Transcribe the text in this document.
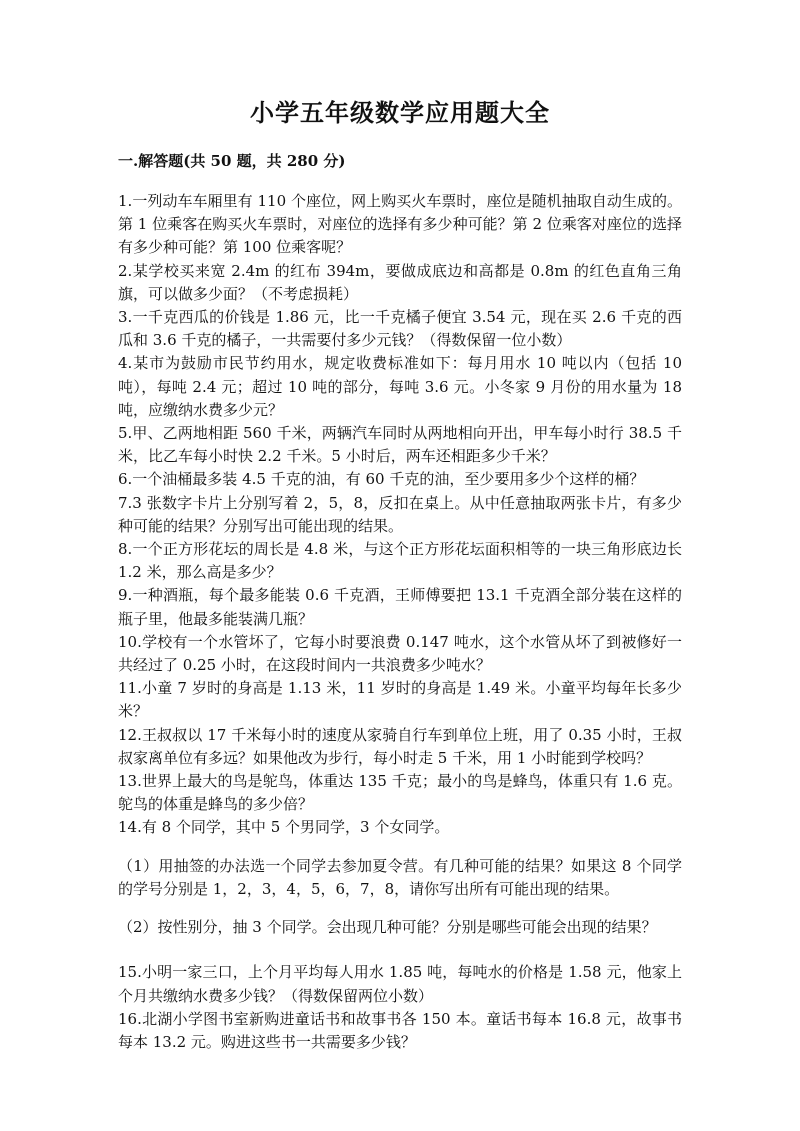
小学五年级数学应用题大全
一.解答题(共 50 题，共 280 分)

1.一列动车车厢里有 110 个座位，网上购买火车票时，座位是随机抽取自动生成的。第 1 位乘客在购买火车票时，对座位的选择有多少种可能？第 2 位乘客对座位的选择有多少种可能？第 100 位乘客呢？

2.某学校买来宽 2.4m 的红布 394m，要做成底边和高都是 0.8m 的红色直角三角旗，可以做多少面？（不考虑损耗）

3.一千克西瓜的价钱是 1.86 元，比一千克橘子便宜 3.54 元，现在买 2.6 千克的西瓜和 3.6 千克的橘子，一共需要付多少元钱？（得数保留一位小数）

4.某市为鼓励市民节约用水，规定收费标准如下：每月用水 10 吨以内（包括 10 吨），每吨 2.4 元；超过 10 吨的部分，每吨 3.6 元。小冬家 9 月份的用水量为 18 吨，应缴纳水费多少元？

5.甲、乙两地相距 560 千米，两辆汽车同时从两地相向开出，甲车每小时行 38.5 千米，比乙车每小时快 2.2 千米。5 小时后，两车还相距多少千米？

6.一个油桶最多装 4.5 千克的油，有 60 千克的油，至少要用多少个这样的桶？

7.3 张数字卡片上分别写着 2，5，8，反扣在桌上。从中任意抽取两张卡片，有多少种可能的结果？分别写出可能出现的结果。

8.一个正方形花坛的周长是 4.8 米，与这个正方形花坛面积相等的一块三角形底边长 1.2 米，那么高是多少？

9.一种酒瓶，每个最多能装 0.6 千克酒，王师傅要把 13.1 千克酒全部分装在这样的瓶子里，他最多能装满几瓶？

10.学校有一个水管坏了，它每小时要浪费 0.147 吨水，这个水管从坏了到被修好一共经过了 0.25 小时，在这段时间内一共浪费多少吨水？

11.小童 7 岁时的身高是 1.13 米，11 岁时的身高是 1.49 米。小童平均每年长多少米？

12.王叔叔以 17 千米每小时的速度从家骑自行车到单位上班，用了 0.35 小时，王叔叔家离单位有多远？如果他改为步行，每小时走 5 千米，用 1 小时能到学校吗？

13.世界上最大的鸟是鸵鸟，体重达 135 千克；最小的鸟是蜂鸟，体重只有 1.6 克。鸵鸟的体重是蜂鸟的多少倍？

14.有 8 个同学，其中 5 个男同学，3 个女同学。

（1）用抽签的办法选一个同学去参加夏令营。有几种可能的结果？如果这 8 个同学的学号分别是 1，2，3，4，5，6，7，8，请你写出所有可能出现的结果。

（2）按性别分，抽 3 个同学。会出现几种可能？分别是哪些可能会出现的结果？

15.小明一家三口，上个月平均每人用水 1.85 吨，每吨水的价格是 1.58 元，他家上个月共缴纳水费多少钱？（得数保留两位小数）

16.北湖小学图书室新购进童话书和故事书各 150 本。童话书每本 16.8 元，故事书每本 13.2 元。购进这些书一共需要多少钱？
